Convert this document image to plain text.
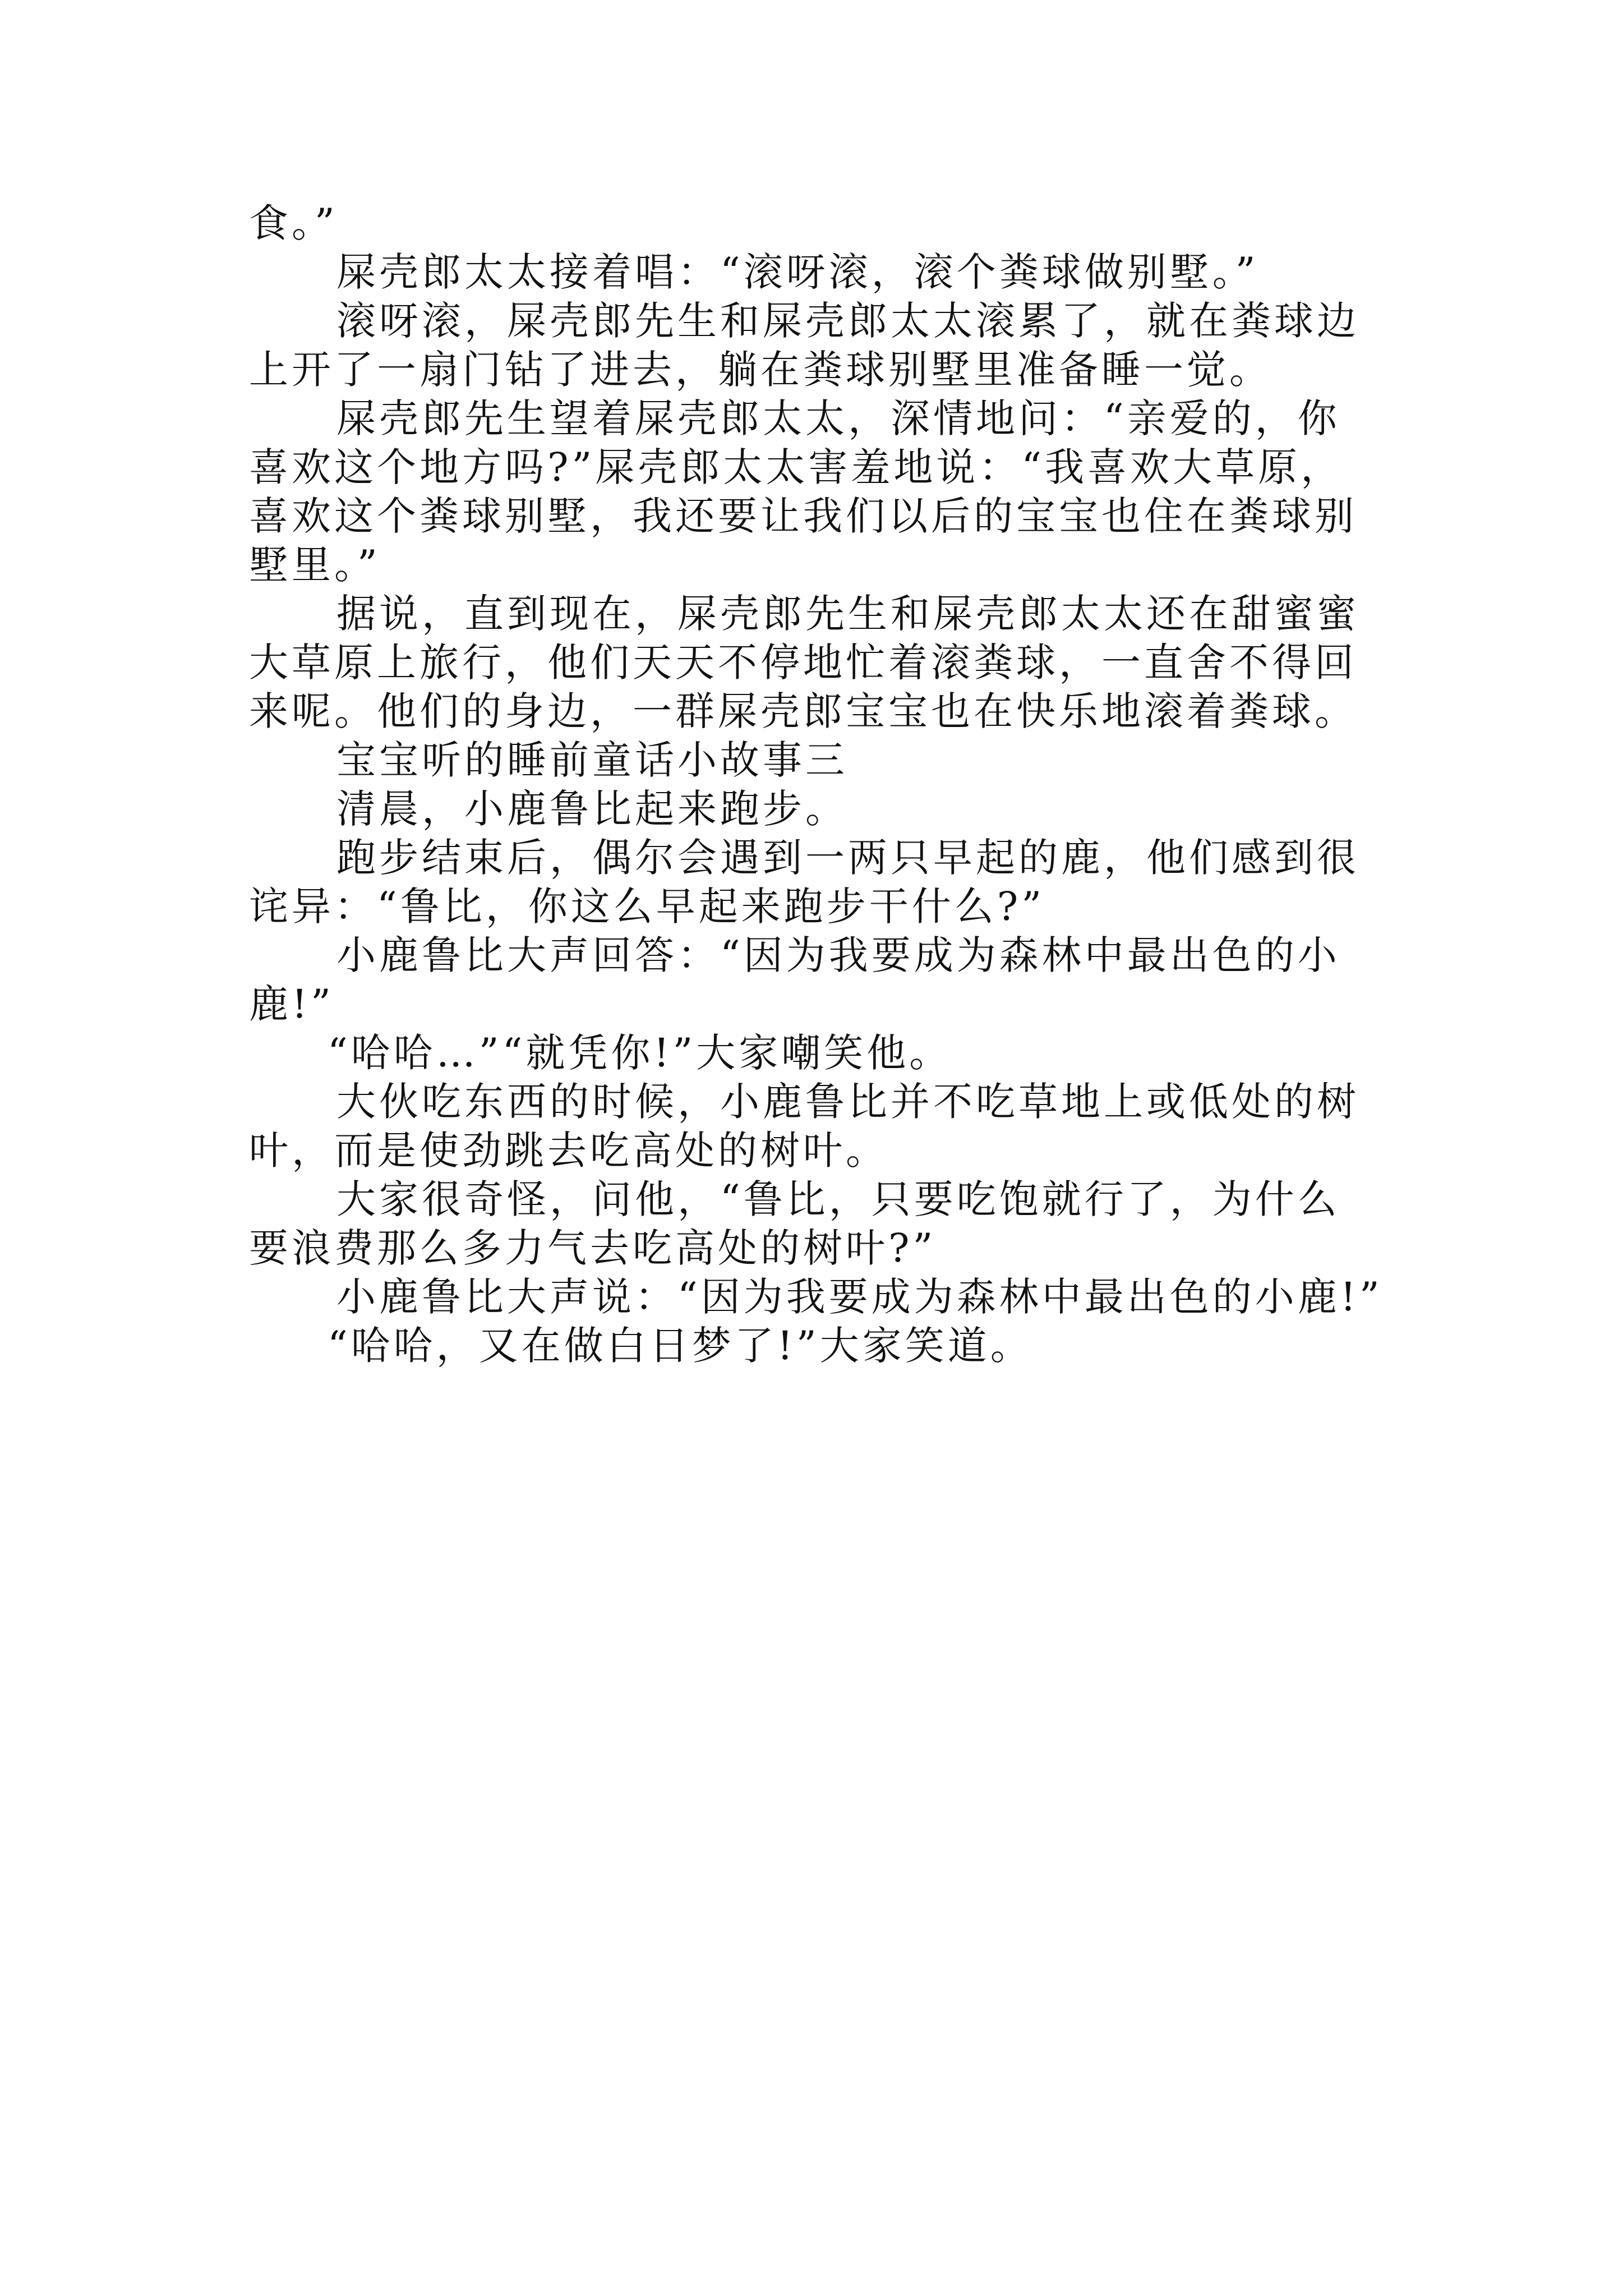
食。”
屎壳郎太太接着唱：“滚呀滚，滚个粪球做别墅。”
滚呀滚，屎壳郎先生和屎壳郎太太滚累了，就在粪球边
上开了一扇门钻了进去，躺在粪球别墅里准备睡一觉。
屎壳郎先生望着屎壳郎太太，深情地问：“亲爱的，你
喜欢这个地方吗?”屎壳郎太太害羞地说：“我喜欢大草原，
喜欢这个粪球别墅，我还要让我们以后的宝宝也住在粪球别
墅里。”
据说，直到现在，屎壳郎先生和屎壳郎太太还在甜蜜蜜
大草原上旅行，他们天天不停地忙着滚粪球，一直舍不得回
来呢。他们的身边，一群屎壳郎宝宝也在快乐地滚着粪球。
宝宝听的睡前童话小故事三
清晨，小鹿鲁比起来跑步。
跑步结束后，偶尔会遇到一两只早起的鹿，他们感到很
诧异：“鲁比，你这么早起来跑步干什么?”
小鹿鲁比大声回答：“因为我要成为森林中最出色的小
鹿!”
“哈哈…”“就凭你!”大家嘲笑他。
大伙吃东西的时候，小鹿鲁比并不吃草地上或低处的树
叶，而是使劲跳去吃高处的树叶。
大家很奇怪，问他，“鲁比，只要吃饱就行了，为什么
要浪费那么多力气去吃高处的树叶?”
小鹿鲁比大声说：“因为我要成为森林中最出色的小鹿!”
“哈哈，又在做白日梦了!”大家笑道。
